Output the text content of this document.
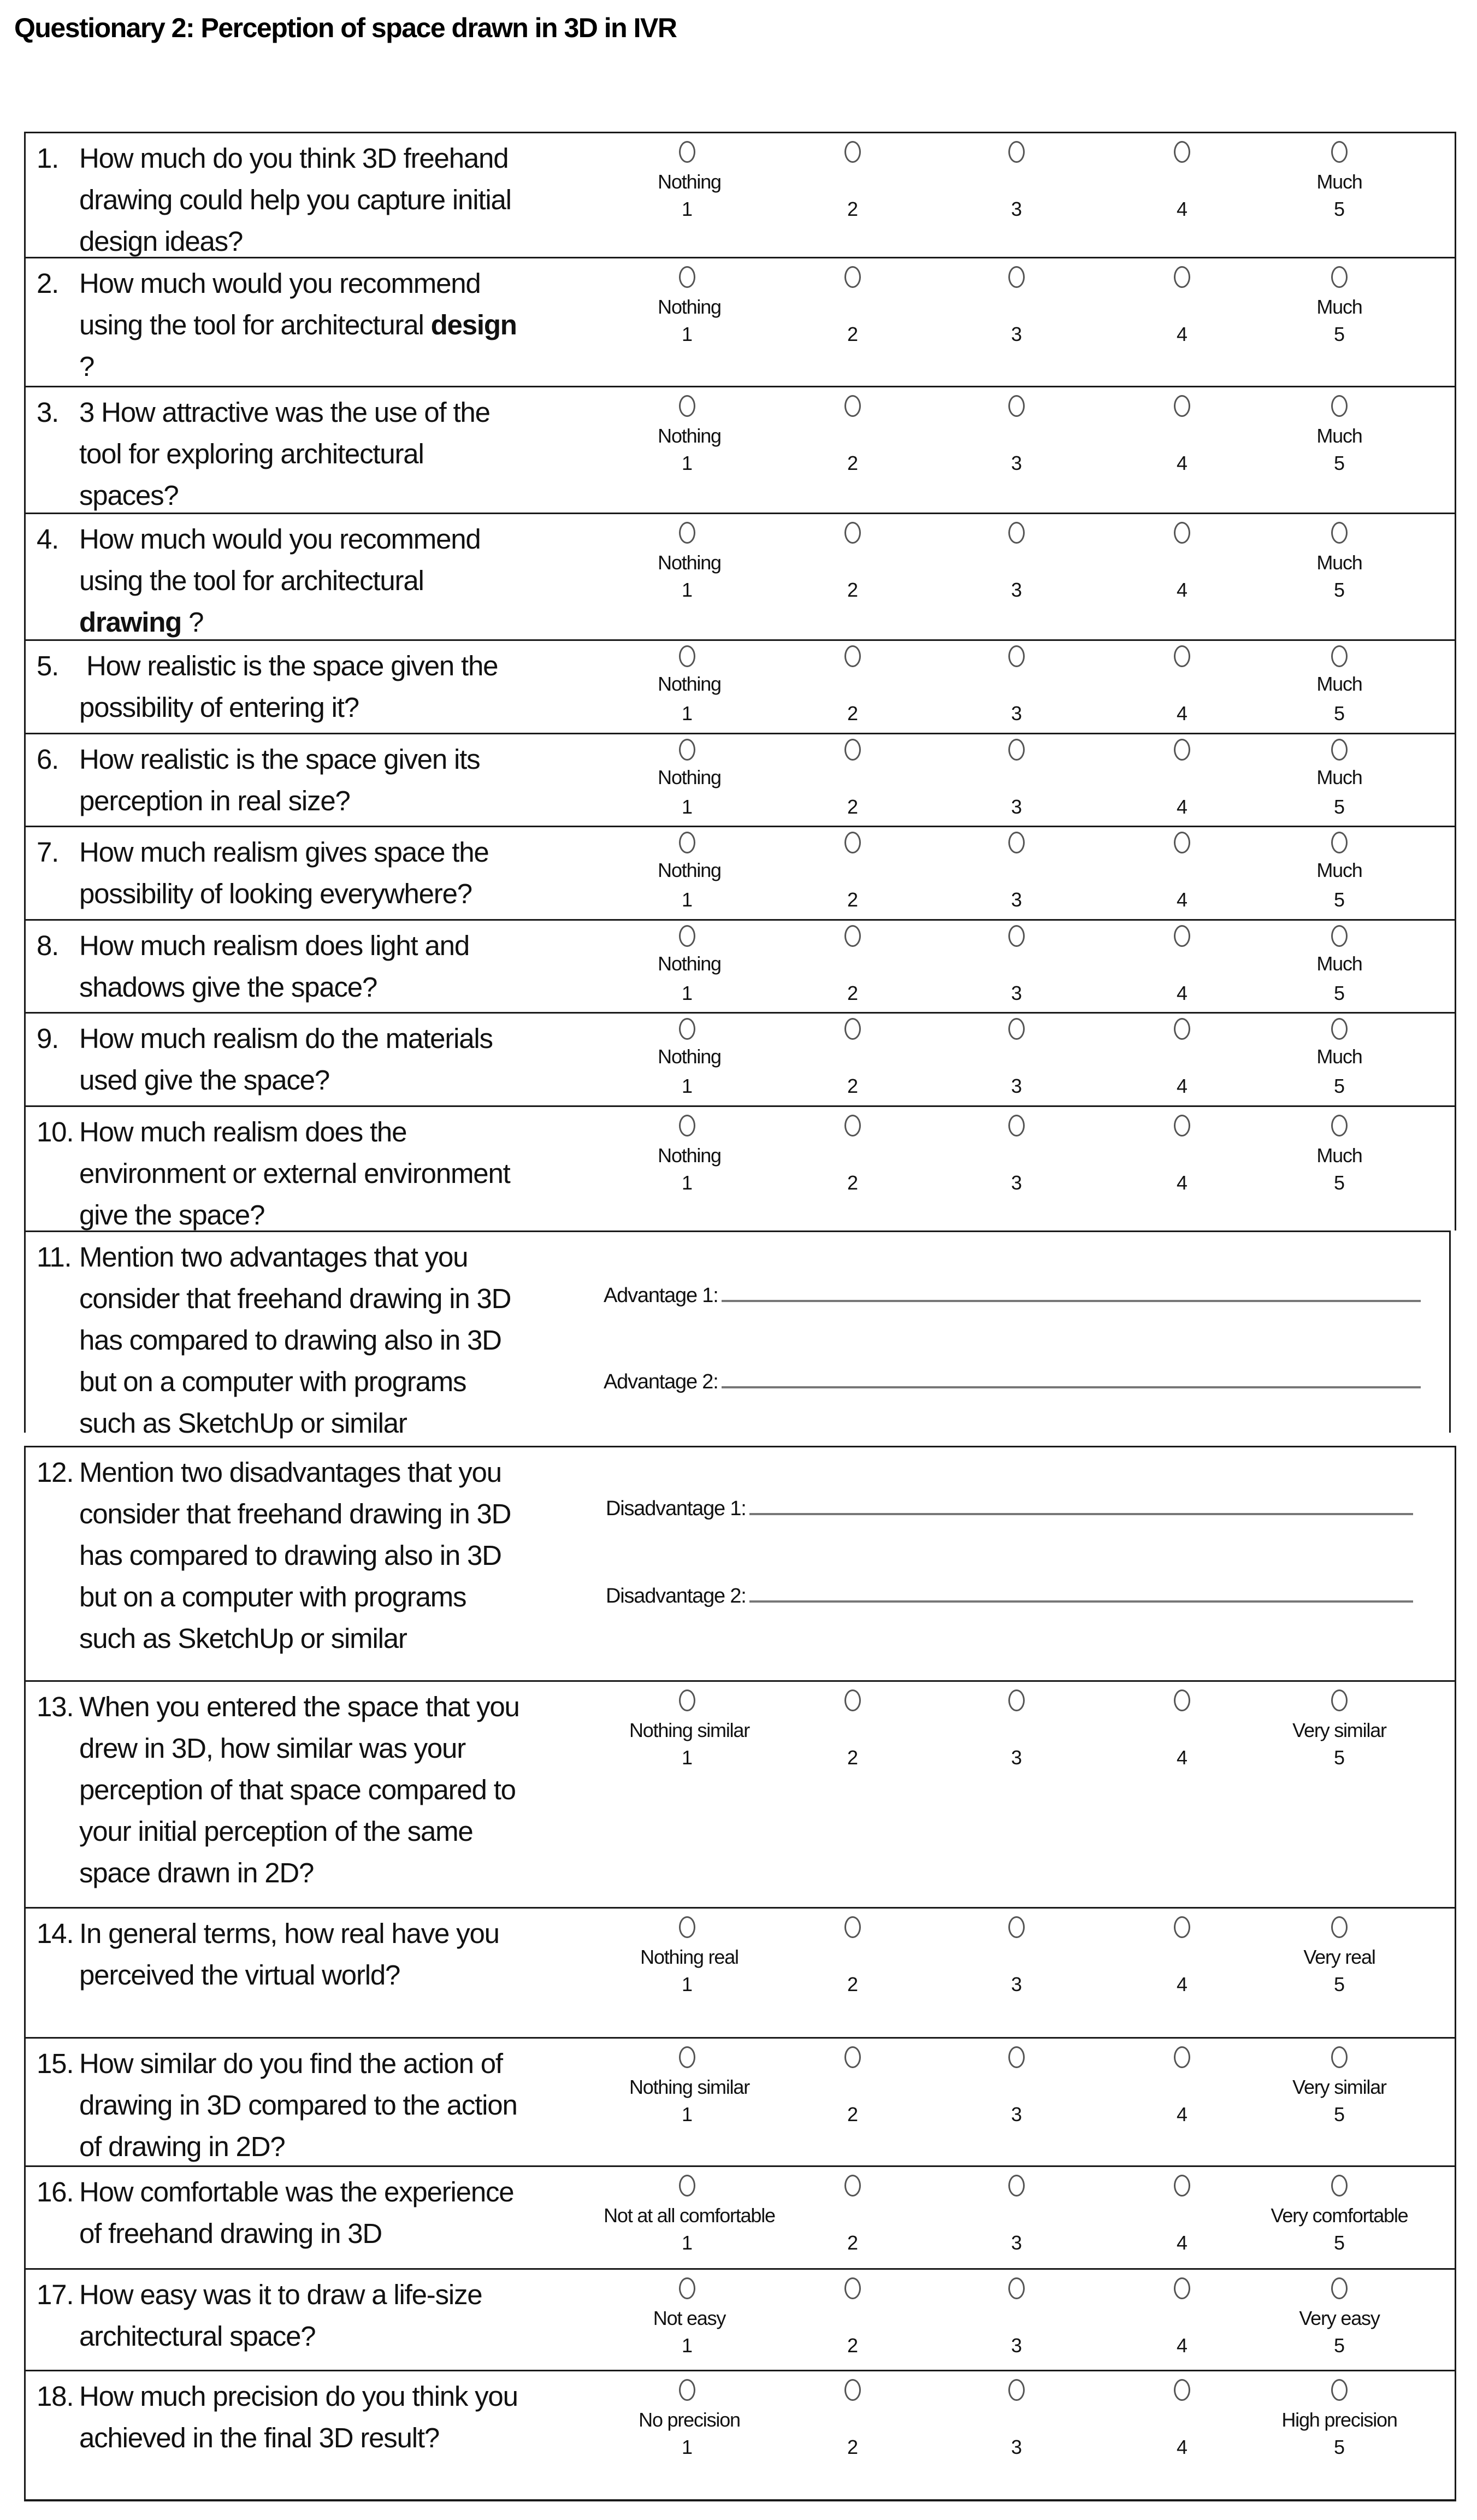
Questionary 2: Perception of space drawn in 3D in IVR
1. How much do you think 3D freehand
drawing could help you capture initial
design ideas?
1	2	3	4	5
Nothing	Much
2. How much would you recommend
using the tool for architectural design
?
1	2	3	4	5
Nothing	Much
3. 3 How attractive was the use of the
tool for exploring architectural
spaces?
1	2	3	4	5
Nothing	Much
4. How much would you recommend
using the tool for architectural
drawing ?
1	2	3	4	5
Nothing	Much
5. How realistic is the space given the
possibility of entering it?	1	2	3	4	5
Nothing	Much
6. How realistic is the space given its
perception in real size?	1	2	3	4	5
Nothing	Much
7. How much realism gives space the
possibility of looking everywhere?	1	2	3	4	5
Nothing	Much
8. How much realism does light and
shadows give the space?	1	2	3	4	5
Nothing	Much
9. How much realism do the materials
used give the space?	1	2	3	4	5
Nothing	Much
10. How much realism does the
environment or external environment
give the space?
1	2	3	4	5
Nothing	Much
11. Mention two advantages that you
consider that freehand drawing in 3D
has compared to drawing also in 3D
but on a computer with programs
such as SketchUp or similar
Advantage 1:
Advantage 2:
12. Mention two disadvantages that you
consider that freehand drawing in 3D
has compared to drawing also in 3D
but on a computer with programs
such as SketchUp or similar
Disadvantage 1:
Disadvantage 2:
13. When you entered the space that you
drew in 3D, how similar was your
perception of that space compared to
your initial perception of the same
space drawn in 2D?
1	2	3	4	5
Nothing similar	Very similar
14. In general terms, how real have you
perceived the virtual world?	1	2	3	4	5
Nothing real	Very real
15. How similar do you find the action of
drawing in 3D compared to the action
of drawing in 2D?
1	2	3	4	5
Nothing similar	Very similar
16. How comfortable was the experience
of freehand drawing in 3D	1	2	3	4	5
Not at all comfortable	Very comfortable
17. How easy was it to draw a life-size
architectural space?	1	2	3	4	5
Not easy	Very easy
18. How much precision do you think you
achieved in the final 3D result?	1	2	3	4	5
No precision	High precision
